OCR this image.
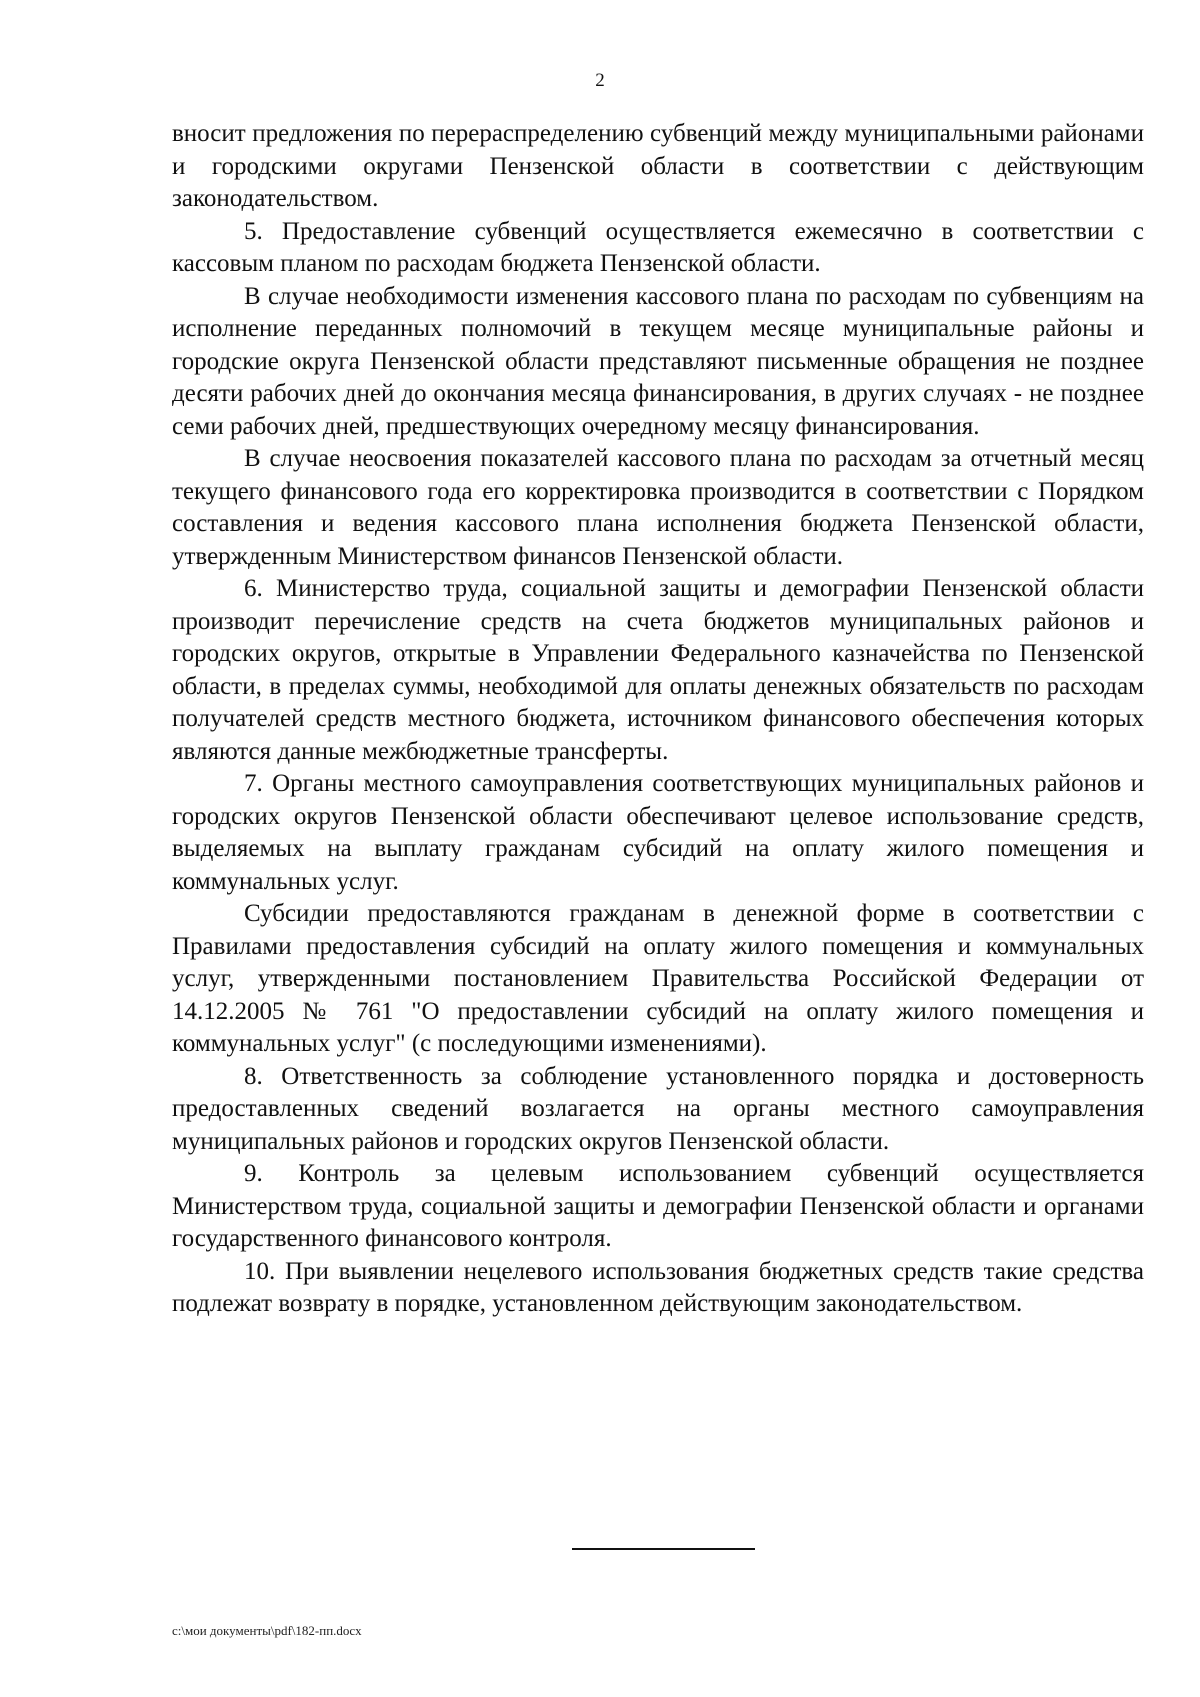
2

вносит предложения по перераспределению субвенций между муниципальными районами и городскими округами Пензенской области в соответствии с действующим законодательством.

5. Предоставление субвенций осуществляется ежемесячно в соответствии с кассовым планом по расходам бюджета Пензенской области.

В случае необходимости изменения кассового плана по расходам по субвенциям на исполнение переданных полномочий в текущем месяце муниципальные районы и городские округа Пензенской области представляют письменные обращения не позднее десяти рабочих дней до окончания месяца финансирования, в других случаях - не позднее семи рабочих дней, предшествующих очередному месяцу финансирования.

В случае неосвоения показателей кассового плана по расходам за отчетный месяц текущего финансового года его корректировка производится в соответствии с Порядком составления и ведения кассового плана исполнения бюджета Пензенской области, утвержденным Министерством финансов Пензенской области.

6. Министерство труда, социальной защиты и демографии Пензенской области производит перечисление средств на счета бюджетов муниципальных районов и городских округов, открытые в Управлении Федерального казначейства по Пензенской области, в пределах суммы, необходимой для оплаты денежных обязательств по расходам получателей средств местного бюджета, источником финансового обеспечения которых являются данные межбюджетные трансферты.

7. Органы местного самоуправления соответствующих муниципальных районов и городских округов Пензенской области обеспечивают целевое использование средств, выделяемых на выплату гражданам субсидий на оплату жилого помещения и коммунальных услуг.

Субсидии предоставляются гражданам в денежной форме в соответствии с Правилами предоставления субсидий на оплату жилого помещения и коммунальных услуг, утвержденными постановлением Правительства Российской Федерации от 14.12.2005 № 761 "О предоставлении субсидий на оплату жилого помещения и коммунальных услуг" (с последующими изменениями).

8. Ответственность за соблюдение установленного порядка и достоверность предоставленных сведений возлагается на органы местного самоуправления муниципальных районов и городских округов Пензенской области.

9. Контроль за целевым использованием субвенций осуществляется Министерством труда, социальной защиты и демографии Пензенской области и органами государственного финансового контроля.

10. При выявлении нецелевого использования бюджетных средств такие средства подлежат возврату в порядке, установленном действующим законодательством.

c:\мои документы\pdf\182-пп.docx
